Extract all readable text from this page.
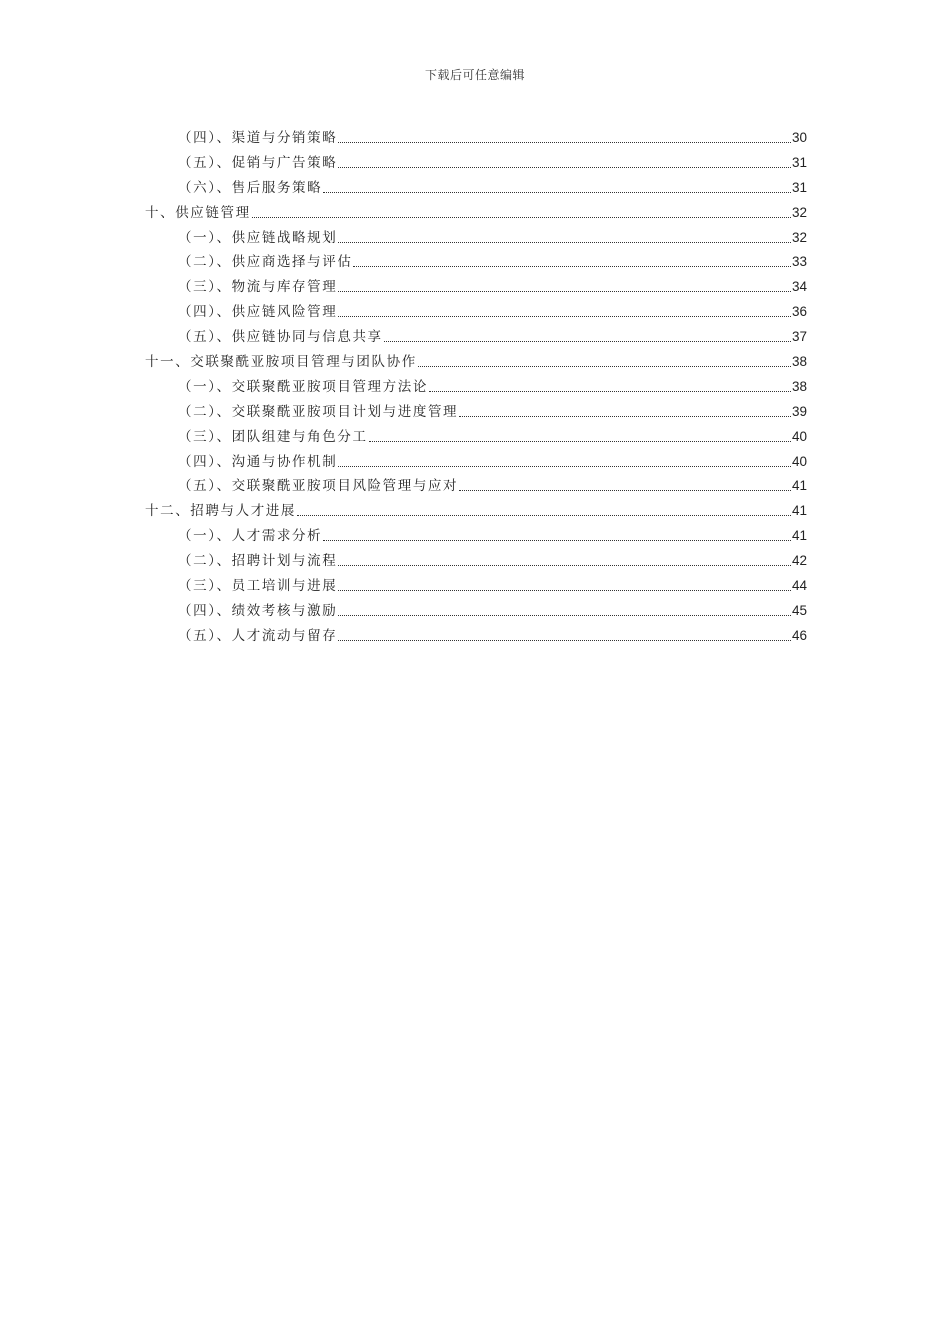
下载后可任意编辑
（四）、渠道与分销策略	30
（五）、促销与广告策略	31
（六）、售后服务策略	31
十、供应链管理	32
（一）、供应链战略规划	32
（二）、供应商选择与评估	33
（三）、物流与库存管理	34
（四）、供应链风险管理	36
（五）、供应链协同与信息共享	37
十一、交联聚酰亚胺项目管理与团队协作	38
（一）、交联聚酰亚胺项目管理方法论	38
（二）、交联聚酰亚胺项目计划与进度管理	39
（三）、团队组建与角色分工	40
（四）、沟通与协作机制	40
（五）、交联聚酰亚胺项目风险管理与应对	41
十二、招聘与人才进展	41
（一）、人才需求分析	41
（二）、招聘计划与流程	42
（三）、员工培训与进展	44
（四）、绩效考核与激励	45
（五）、人才流动与留存	46
